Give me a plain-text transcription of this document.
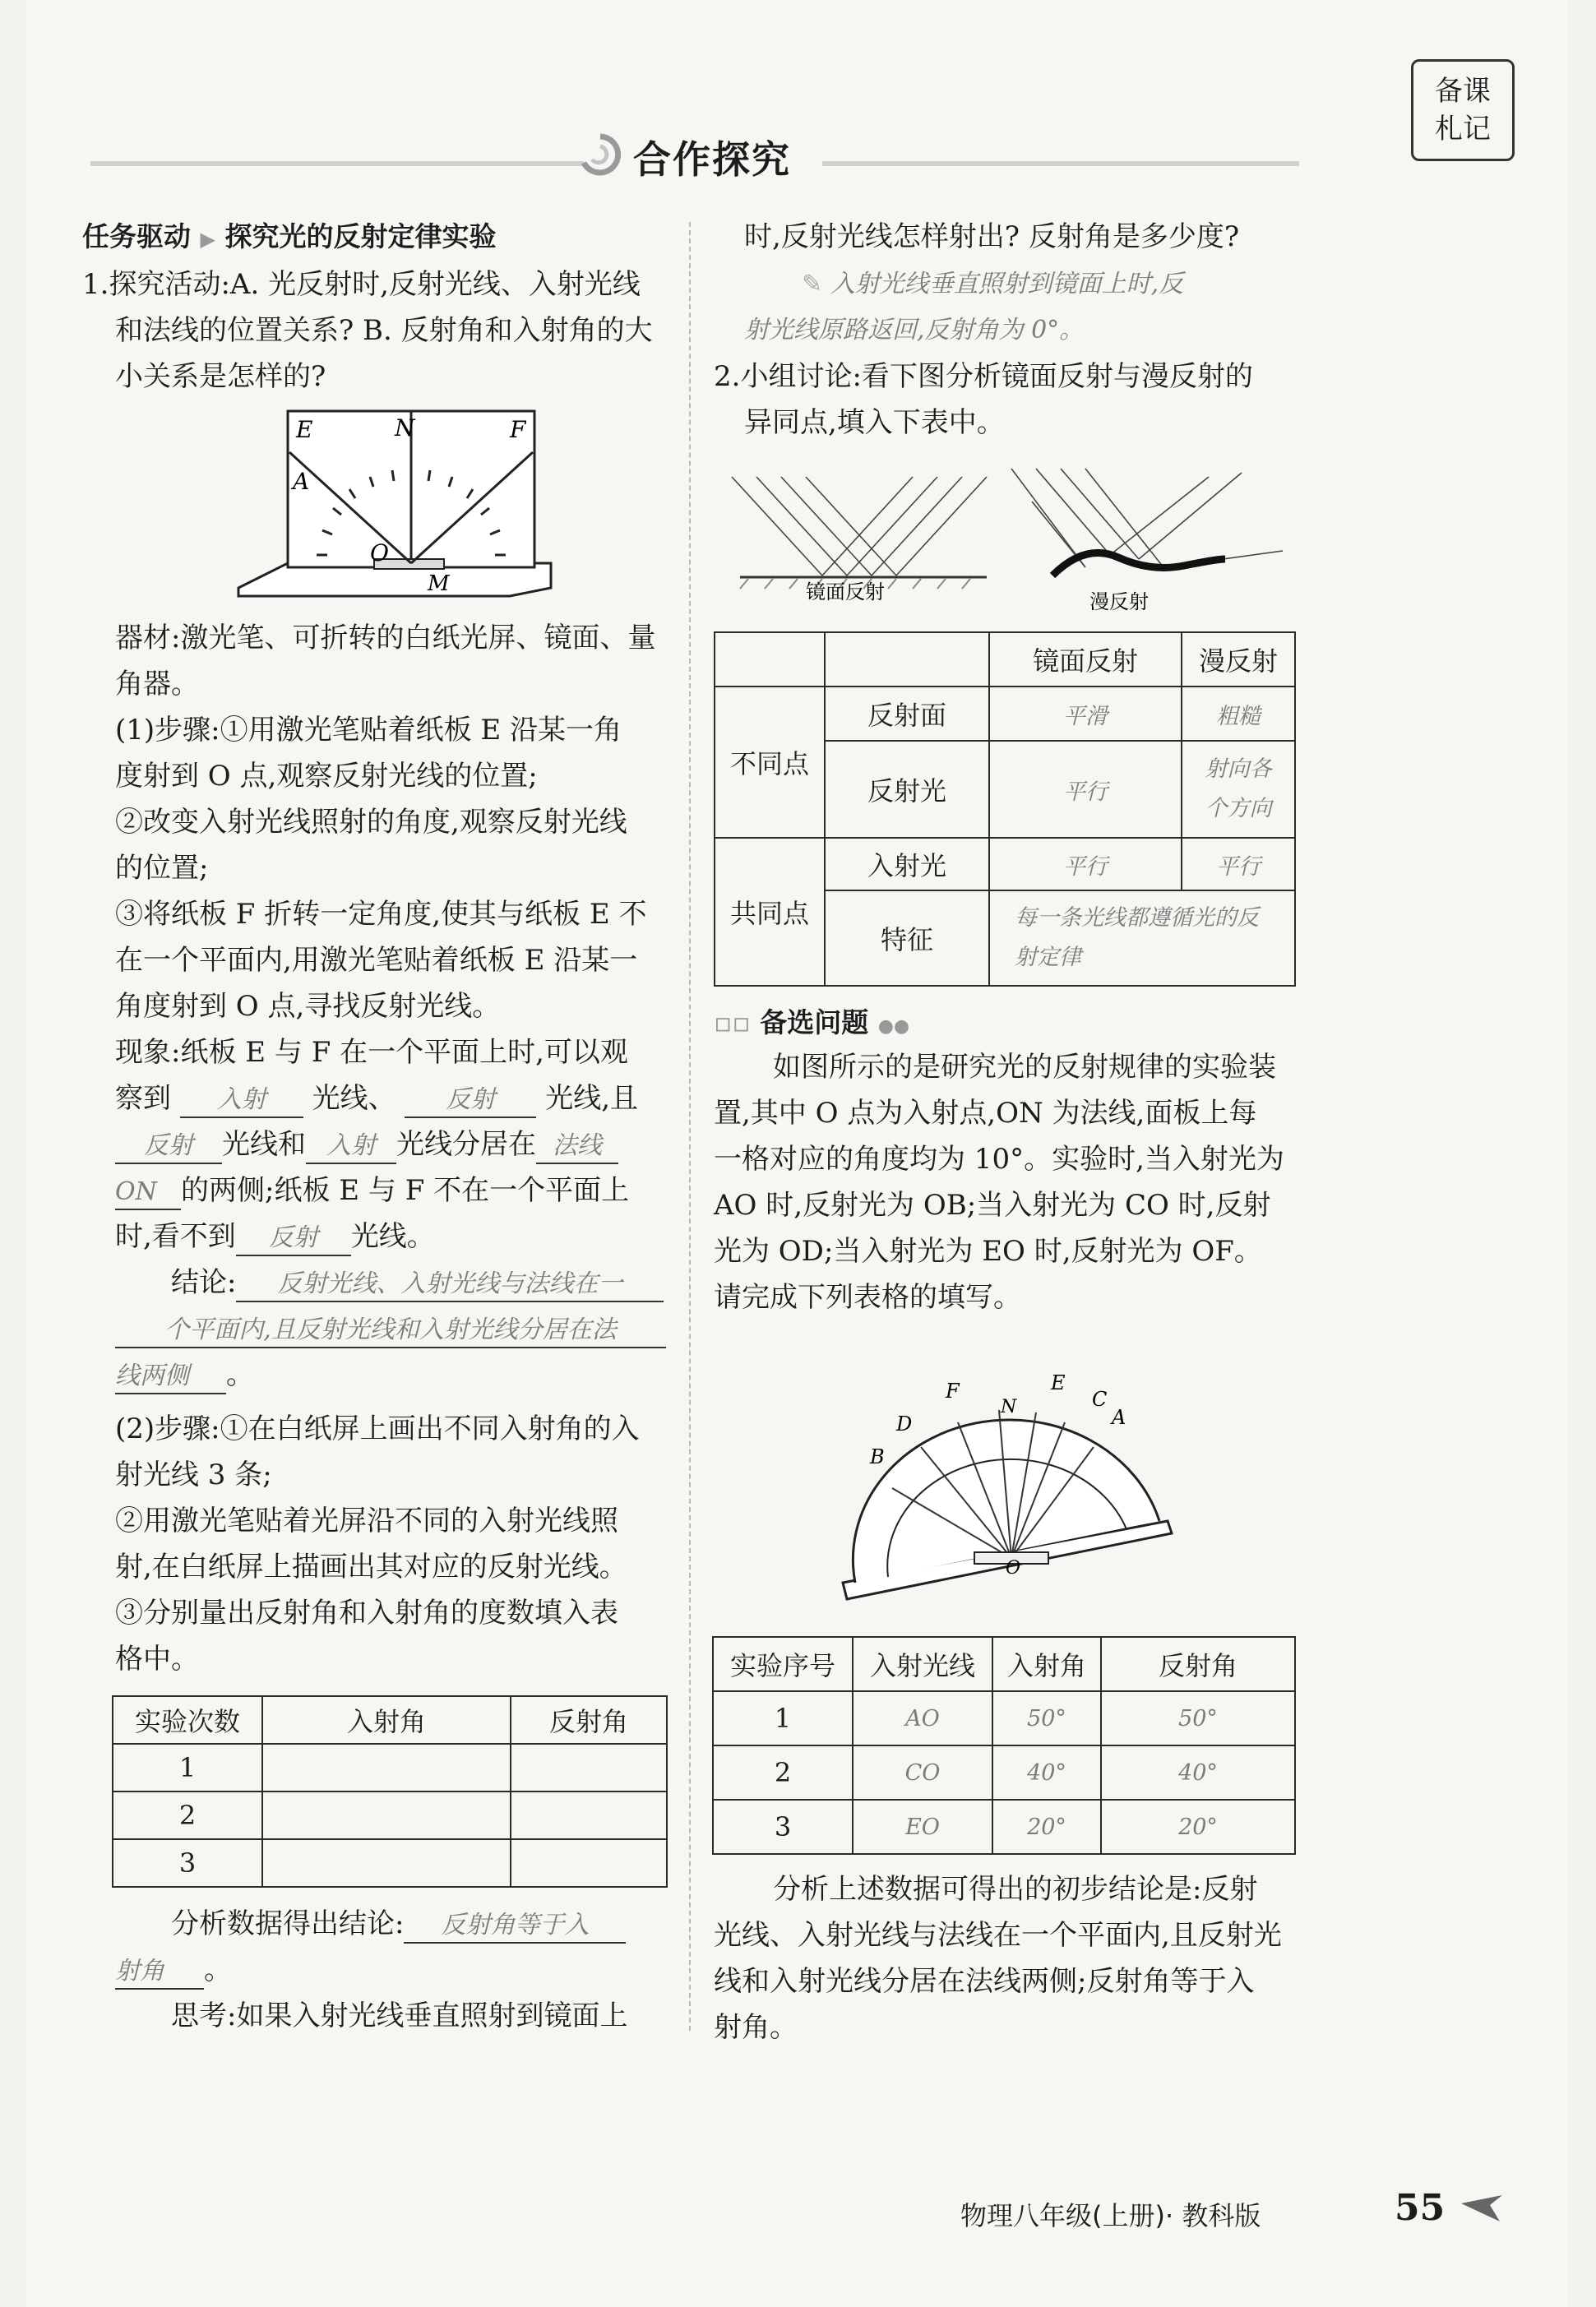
合作探究
备课
札记
任务驱动 ▶ 探究光的反射定律实验
1.探究活动:A. 光反射时,反射光线、入射光线
和法线的位置关系? B. 反射角和入射角的大
小关系是怎样的?
E	N	F
A
O
M
器材:激光笔、可折转的白纸光屏、镜面、量
角器。
(1)步骤:①用激光笔贴着纸板 E 沿某一角
度射到 O 点,观察反射光线的位置;
②改变入射光线照射的角度,观察反射光线
的位置;
③将纸板 F 折转一定角度,使其与纸板 E 不
在一个平面内,用激光笔贴着纸板 E 沿某一
角度射到 O 点,寻找反射光线。
现象:纸板 E 与 F 在一个平面上时,可以观
察到 入射 光线、 反射 光线,且
反射 光线和 入射 光线分居在 法线
ON 的两侧;纸板 E 与 F 不在一个平面上
时,看不到 反射 光线。
结论: 反射光线、入射光线与法线在一
个平面内,且反射光线和入射光线分居在法
线两侧 。
(2)步骤:①在白纸屏上画出不同入射角的入
射光线 3 条;
②用激光笔贴着光屏沿不同的入射光线照
射,在白纸屏上描画出其对应的反射光线。
③分别量出反射角和入射角的度数填入表
格中。
实验次数	入射角	反射角
1		
2		
3		
分析数据得出结论: 反射角等于入
射角 。
思考:如果入射光线垂直照射到镜面上
时,反射光线怎样射出? 反射角是多少度?
✎ 入射光线垂直照射到镜面上时,反
射光线原路返回,反射角为 0°。
2.小组讨论:看下图分析镜面反射与漫反射的
异同点,填入下表中。
镜面反射	漫反射
		镜面反射	漫反射
不同点	反射面	平滑	粗糙
	反射光	平行	射向各
个方向

共同点	入射光	平行	平行
	特征	每一条光线都遵循光的反
射定律	
▫▫ 备选问题 ●●
如图所示的是研究光的反射规律的实验装
置,其中 O 点为入射点,ON 为法线,面板上每
一格对应的角度均为 10°。实验时,当入射光为
AO 时,反射光为 OB;当入射光为 CO 时,反射
光为 OD;当入射光为 EO 时,反射光为 OF。
请完成下列表格的填写。
F	E
C
A
D
N
B
O
实验序号	入射光线	入射角	反射角
1	AO	50°	50°
2	CO	40°	40°
3	EO	20°	20°
分析上述数据可得出的初步结论是:反射
光线、入射光线与法线在一个平面内,且反射光
线和入射光线分居在法线两侧;反射角等于入
射角。
物理八年级(上册)· 教科版	55
